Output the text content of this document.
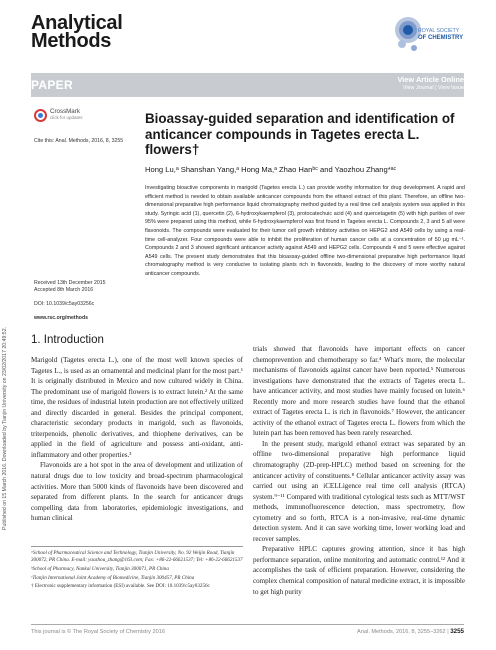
Published on 15 March 2016. Downloaded by Tianjin University on 23/02/2017 20:49:52.
Analytical
Methods	ROYAL SOCIETY
OF CHEMISTRY
PAPER	View Article Online
View Journal | View Issue
CrossMark
click for updates
Cite this: Anal. Methods, 2016, 8, 3255
Bioassay-guided separation and identification of anticancer compounds in Tagetes erecta L. flowers†
Hong Lu,ᵃ Shanshan Yang,ᵃ Hong Ma,ᵃ Zhao Hanᵇᶜ and Yaozhou Zhang*ᵃᶜ
Investigating bioactive components in marigold (Tagetes erecta L.) can provide worthy information for drug development. A rapid and efficient method is needed to obtain available anticancer compounds from the ethanol extract of this plant. Therefore, an offline two-dimensional preparative high performance liquid chromatography method guided by a real time cell analysis system was applied in this study. Syringic acid (1), quercetin (2), 6-hydroxykaempferol (3), protocatechuic acid (4) and quercetagetin (5) with high purities of over 95% were prepared using this method, while 6-hydroxykaempferol was first found in Tagetes erecta L. Compounds 2, 3 and 5 all were flavonoids. The compounds were evaluated for their tumor cell growth inhibitory activities on HEPG2 and A549 cells by using a real-time cell-analyzer. Four compounds were able to inhibit the proliferation of human cancer cells at a concentration of 50 μg mL⁻¹. Compounds 2 and 3 showed significant anticancer activity against A549 and HEPG2 cells. Compounds 4 and 5 were effective against A549 cells. The present study demonstrates that this bioassay-guided offline two-dimensional preparative high performance liquid chromatography method is very conducive to isolating plants rich in flavonoids, leading to the discovery of more worthy natural anticancer compounds.
Received 13th December 2015
Accepted 8th March 2016
DOI: 10.1039/c5ay03256c
www.rsc.org/methods
1. Introduction

Marigold (Tagetes erecta L.), one of the most well known species of Tagetes L., is used as an ornamental and medicinal plant for the most part.¹ It is originally distributed in Mexico and now cultured widely in China. The predominant use of marigold flowers is to extract lutein.² At the same time, the residues of industrial lutein production are not effectively utilized and directly discarded in general. Besides the principal component, characteristic secondary products in marigold, such as flavonoids, triterpenoids, phenolic derivatives, and thiophene derivatives, can be applied in the field of agriculture and possess anti-oxidant, anti-inflammatory and other properties.³

Flavonoids are a hot spot in the area of development and utilization of natural drugs due to low toxicity and broad-spectrum pharmacological activities. More than 5000 kinds of flavonoids have been discovered and separated from different plants. In the search for anticancer drugs compelling data from laboratories, epidemiologic investigations, and human clinical

trials showed that flavonoids have important effects on cancer chemoprevention and chemotherapy so far.⁴ What's more, the molecular mechanisms of flavonoids against cancer have been reported.⁵ Numerous investigations have demonstrated that the extracts of Tagetes erecta L. have anticancer activity, and most studies have mainly focused on lutein.⁶ Recently more and more research studies have found that the ethanol extract of Tagetes erecta L. is rich in flavonoids.⁷ However, the anticancer activity of the ethanol extract of Tagetes erecta L. flowers from which the lutein part has been removed has been rarely researched.

In the present study, marigold ethanol extract was separated by an offline two-dimensional preparative high performance liquid chromatography (2D-prep-HPLC) method based on screening for the anticancer activity of constituents.⁸ Cellular anticancer activity assay was carried out using an iCELLigence real time cell analysis (RTCA) system.⁹⁻¹¹ Compared with traditional cytological tests such as MTT/WST methods, immunofluorescence detection, mass spectrometry, flow cytometry and so forth, RTCA is a non-invasive, real-time dynamic detection system. And it can save working time, lower working load and recover samples.

Preparative HPLC captures growing attention, since it has high performance separation, online monitoring and automatic control.¹² And it accomplishes the task of efficient preparation. However, considering the complex chemical composition of natural medicine extract, it is impossible to get high purity

ᵃSchool of Pharmaceutical Science and Technology, Tianjin University, No. 92 Weijin Road, Tianjin 300072, PR China. E-mail: yaozhou_zhang@163.com; Fax: +86-22-66621537; Tel: +86-22-66621537

ᵇSchool of Pharmacy, Nankai University, Tianjin 300071, PR China

ᶜTianjin International Joint Academy of Biomedicine, Tianjin 300457, PR China

† Electronic supplementary information (ESI) available. See DOI: 10.1039/c5ay03256c

This journal is © The Royal Society of Chemistry 2016	Anal. Methods, 2016, 8, 3255–3262 | 3255
